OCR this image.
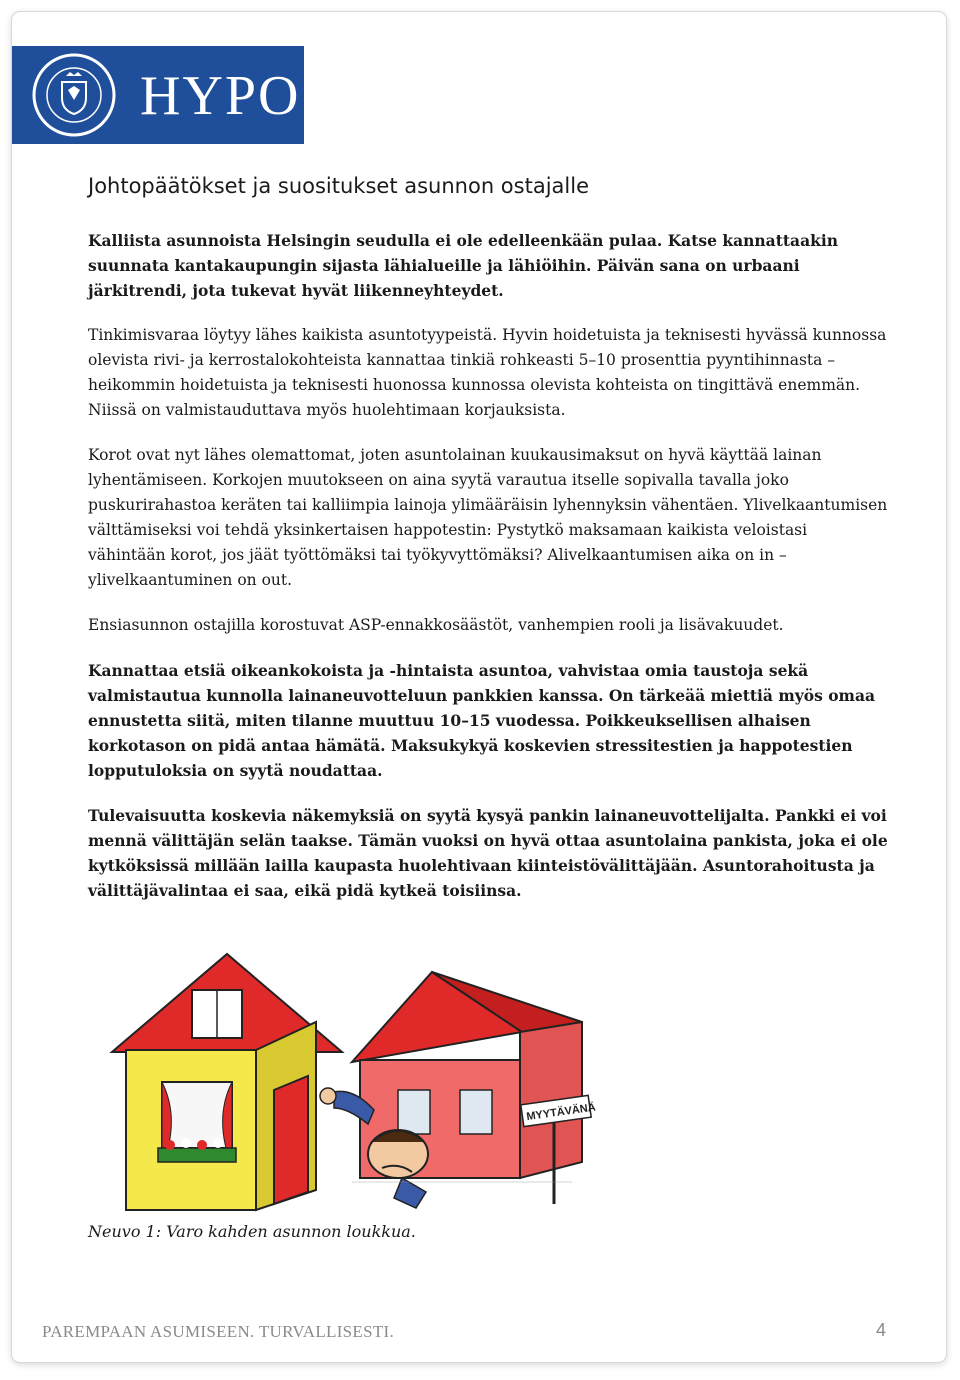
HYPO
Johtopäätökset ja suositukset asunnon ostajalle

Kalliista asunnoista Helsingin seudulla ei ole edelleenkään pulaa. Katse kannattaakin suunnata kantakaupungin sijasta lähialueille ja lähiöihin. Päivän sana on urbaani järkitrendi, jota tukevat hyvät liikenneyhteydet.

Tinkimisvaraa löytyy lähes kaikista asuntotyypeistä. Hyvin hoidetuista ja teknisesti hyvässä kunnossa olevista rivi- ja kerrostalokohteista kannattaa tinkiä rohkeasti 5–10 prosenttia pyyntihinnasta – heikommin hoidetuista ja teknisesti huonossa kunnossa olevista kohteista on tingittävä enemmän. Niissä on valmistauduttava myös huolehtimaan korjauksista.

Korot ovat nyt lähes olemattomat, joten asuntolainan kuukausimaksut on hyvä käyttää lainan lyhentämiseen. Korkojen muutokseen on aina syytä varautua itselle sopivalla tavalla joko puskurirahastoa keräten tai kalliimpia lainoja ylimääräisin lyhennyksin vähentäen. Ylivelkaantumisen välttämiseksi voi tehdä yksinkertaisen happotestin: Pystytkö maksamaan kaikista veloistasi vähintään korot, jos jäät työttömäksi tai työkyvyttömäksi? Alivelkaantumisen aika on in – ylivelkaantuminen on out.

Ensiasunnon ostajilla korostuvat ASP-ennakkosäästöt, vanhempien rooli ja lisävakuudet.

Kannattaa etsiä oikeankokoista ja -hintaista asuntoa, vahvistaa omia taustoja sekä valmistautua kunnolla lainaneuvotteluun pankkien kanssa. On tärkeää miettiä myös omaa ennustetta siitä, miten tilanne muuttuu 10–15 vuodessa. Poikkeuksellisen alhaisen korkotason on pidä antaa hämätä. Maksukykyä koskevien stressitestien ja happotestien lopputuloksia on syytä noudattaa.

Tulevaisuutta koskevia näkemyksiä on syytä kysyä pankin lainaneuvottelijalta. Pankki ei voi mennä välittäjän selän taakse. Tämän vuoksi on hyvä ottaa asuntolaina pankista, joka ei ole kytköksissä millään lailla kaupasta huolehtivaan kiinteistövälittäjään. Asuntorahoitusta ja välittäjävalintaa ei saa, eikä pidä kytkeä toisiinsa.

MYYTÄVÄNÄ

Neuvo 1: Varo kahden asunnon loukkua.

PAREMPAAN ASUMISEEN. TURVALLISESTI.	4
